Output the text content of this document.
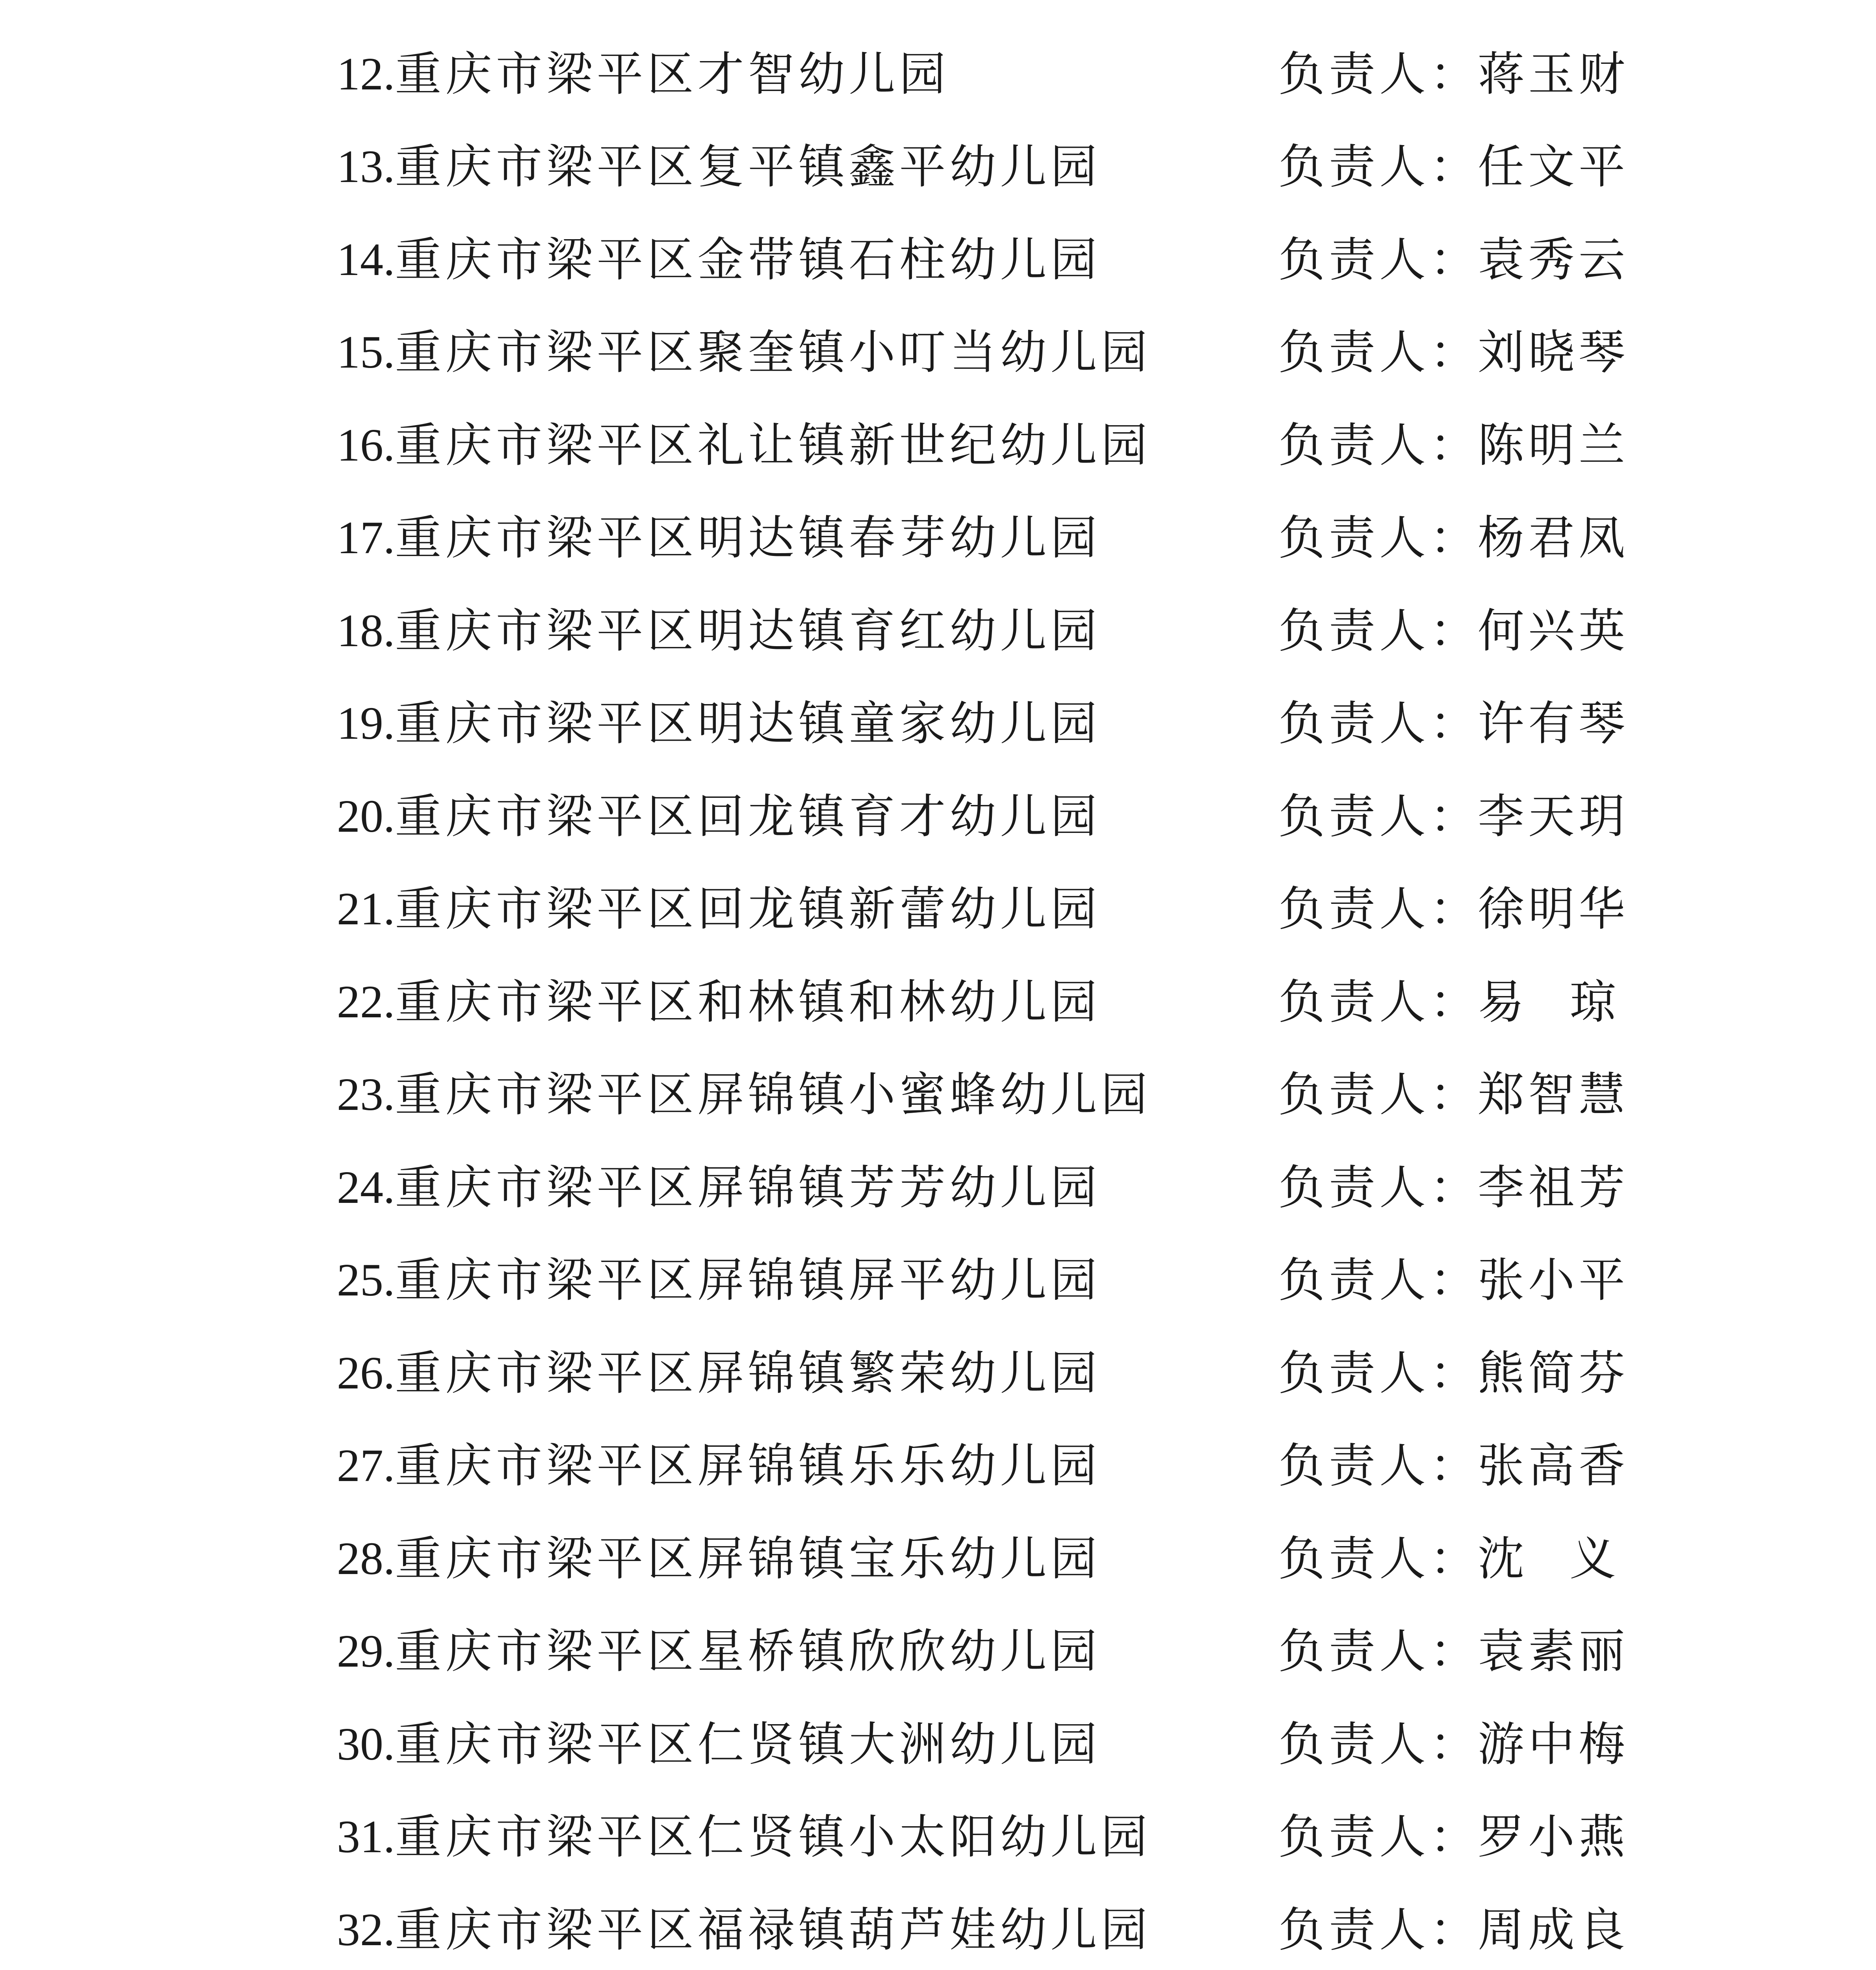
12. 重庆市梁平区才智幼儿园	负责人 ： 蒋玉财
13. 重庆市梁平区复平镇鑫平幼儿园	负责人 ： 任文平
14. 重庆市梁平区金带镇石柱幼儿园	负责人 ： 袁秀云
15. 重庆市梁平区聚奎镇小叮当幼儿园	负责人 ： 刘晓琴
16. 重庆市梁平区礼让镇新世纪幼儿园	负责人 ： 陈明兰
17. 重庆市梁平区明达镇春芽幼儿园	负责人 ： 杨君凤
18. 重庆市梁平区明达镇育红幼儿园	负责人 ： 何兴英
19. 重庆市梁平区明达镇童家幼儿园	负责人 ： 许有琴
20. 重庆市梁平区回龙镇育才幼儿园	负责人 ： 李天玥
21. 重庆市梁平区回龙镇新蕾幼儿园	负责人 ： 徐明华
22. 重庆市梁平区和林镇和林幼儿园	负责人 ： 易琼
23. 重庆市梁平区屏锦镇小蜜蜂幼儿园	负责人 ： 郑智慧
24. 重庆市梁平区屏锦镇芳芳幼儿园	负责人 ： 李祖芳
25. 重庆市梁平区屏锦镇屏平幼儿园	负责人 ： 张小平
26. 重庆市梁平区屏锦镇繁荣幼儿园	负责人 ： 熊简芬
27. 重庆市梁平区屏锦镇乐乐幼儿园	负责人 ： 张高香
28. 重庆市梁平区屏锦镇宝乐幼儿园	负责人 ： 沈义
29. 重庆市梁平区星桥镇欣欣幼儿园	负责人 ： 袁素丽
30. 重庆市梁平区仁贤镇大洲幼儿园	负责人 ： 游中梅
31. 重庆市梁平区仁贤镇小太阳幼儿园	负责人 ： 罗小燕
32. 重庆市梁平区福禄镇葫芦娃幼儿园	负责人 ： 周成良
